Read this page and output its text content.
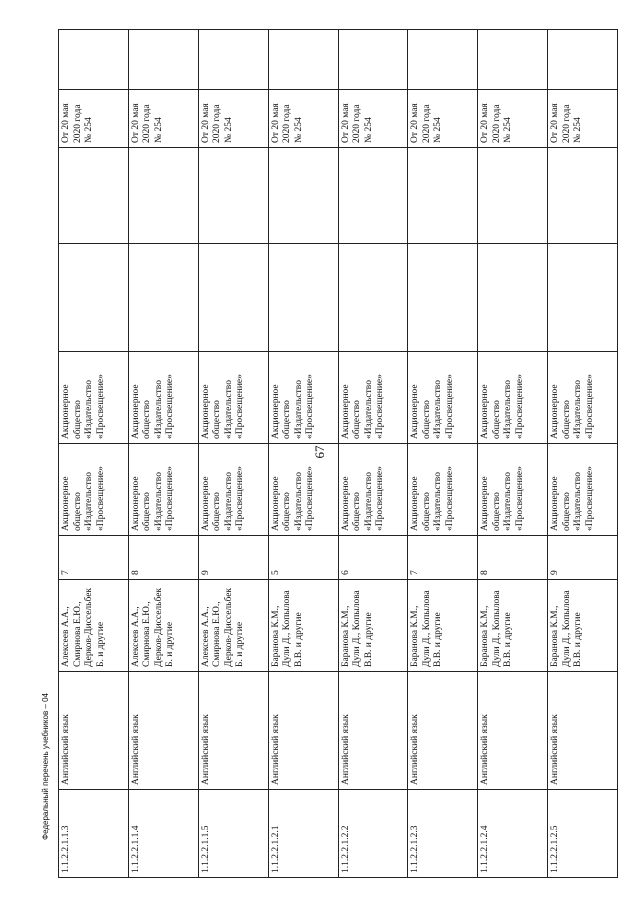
67
1.1.2.2.1.1.3	Английский язык	Алексеев А.А., Смирнова Е.Ю., Дерков-Диссельбек Б. и другие	7	Акционерное общество «Издательство «Просвещение»	Акционерное общество «Издательство «Просвещение»			От 20 мая 2020 года № 254	
1.1.2.2.1.1.4	Английский язык	Алексеев А.А., Смирнова Е.Ю., Дерков-Диссельбек Б. и другие	8	Акционерное общество «Издательство «Просвещение»	Акционерное общество «Издательство «Просвещение»			От 20 мая 2020 года № 254	
1.1.2.2.1.1.5	Английский язык	Алексеев А.А., Смирнова Е.Ю., Дерков-Диссельбек Б. и другие	9	Акционерное общество «Издательство «Просвещение»	Акционерное общество «Издательство «Просвещение»			От 20 мая 2020 года № 254	
1.1.2.2.1.2.1	Английский язык	Баранова К.М., Дули Д., Копылова В.В. и другие	5	Акционерное общество «Издательство «Просвещение»	Акционерное общество «Издательство «Просвещение»			От 20 мая 2020 года № 254	
1.1.2.2.1.2.2	Английский язык	Баранова К.М., Дули Д., Копылова В.В. и другие	6	Акционерное общество «Издательство «Просвещение»	Акционерное общество «Издательство «Просвещение»			От 20 мая 2020 года № 254	
1.1.2.2.1.2.3	Английский язык	Баранова К.М., Дули Д., Копылова В.В. и другие	7	Акционерное общество «Издательство «Просвещение»	Акционерное общество «Издательство «Просвещение»			От 20 мая 2020 года № 254	
1.1.2.2.1.2.4	Английский язык	Баранова К.М., Дули Д., Копылова В.В. и другие	8	Акционерное общество «Издательство «Просвещение»	Акционерное общество «Издательство «Просвещение»			От 20 мая 2020 года № 254	
1.1.2.2.1.2.5	Английский язык	Баранова К.М., Дули Д., Копылова В.В. и другие	9	Акционерное общество «Издательство «Просвещение»	Акционерное общество «Издательство «Просвещение»			От 20 мая 2020 года № 254	
Федеральный перечень учебников – 04
